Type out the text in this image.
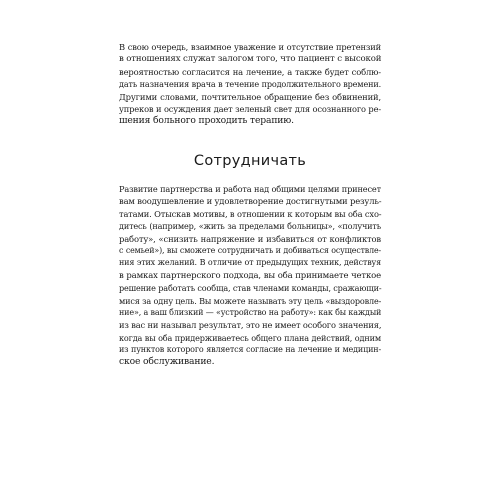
В свою очередь, взаимное уважение и отсутствие претензий
в отношениях служат залогом того, что пациент с высокой
вероятностью согласится на лечение, а также будет соблю-
дать назначения врача в течение продолжительного времени.
Другими словами, почтительное обращение без обвинений,
упреков и осуждения дает зеленый свет для осознанного ре-
шения больного проходить терапию.
Сотрудничать
Развитие партнерства и работа над общими целями принесет
вам воодушевление и удовлетворение достигнутыми резуль-
татами. Отыскав мотивы, в отношении к которым вы оба схо-
дитесь (например, «жить за пределами больницы», «получить
работу», «снизить напряжение и избавиться от конфликтов
с семьей»), вы сможете сотрудничать и добиваться осуществле-
ния этих желаний. В отличие от предыдущих техник, действуя
в рамках партнерского подхода, вы оба принимаете четкое
решение работать сообща, став членами команды, сражающи-
мися за одну цель. Вы можете называть эту цель «выздоровле-
ние», а ваш близкий — «устройство на работу»: как бы каждый
из вас ни называл результат, это не имеет особого значения,
когда вы оба придерживаетесь общего плана действий, одним
из пунктов которого является согласие на лечение и медицин-
ское обслуживание.
